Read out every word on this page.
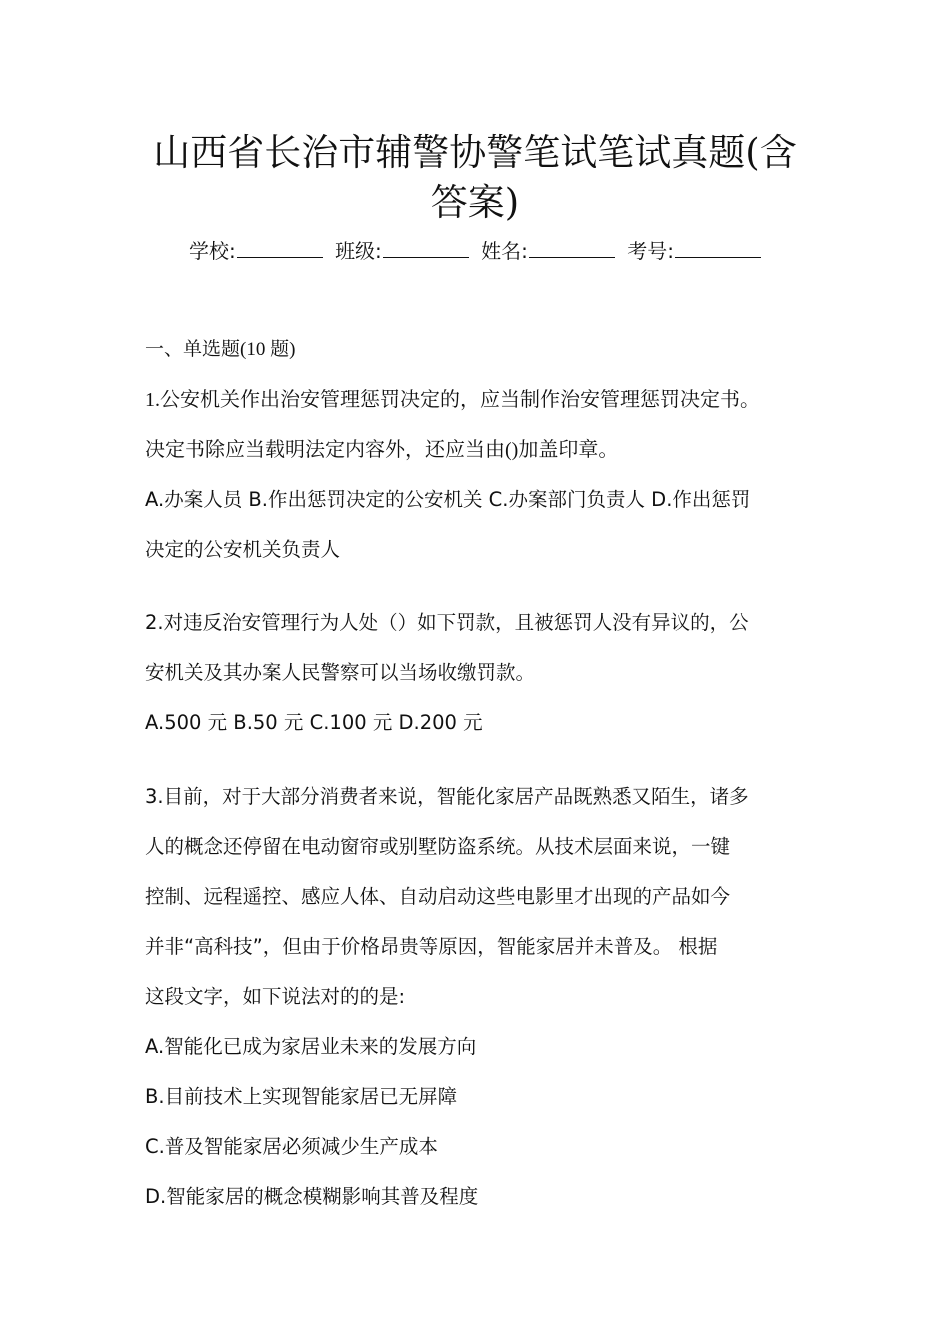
山西省长治市辅警协警笔试笔试真题(含答案)
学校:	班级:	姓名:	考号:
一、单选题(10 题)
1.公安机关作出治安管理惩罚决定的，应当制作治安管理惩罚决定书。
决定书除应当载明法定内容外，还应当由()加盖印章。
A.办案人员 B.作出惩罚决定的公安机关 C.办案部门负责人 D.作出惩罚
决定的公安机关负责人
2.对违反治安管理行为人处（）如下罚款，且被惩罚人没有异议的，公
安机关及其办案人民警察可以当场收缴罚款。
A.500 元 B.50 元 C.100 元 D.200 元
3.目前，对于大部分消费者来说，智能化家居产品既熟悉又陌生，诸多
人的概念还停留在电动窗帘或别墅防盗系统。从技术层面来说，一键
控制、远程遥控、感应人体、自动启动这些电影里才出现的产品如今
并非“高科技”，但由于价格昂贵等原因，智能家居并未普及。 根据
这段文字，如下说法对的的是:
A.智能化已成为家居业未来的发展方向
B.目前技术上实现智能家居已无屏障
C.普及智能家居必须减少生产成本
D.智能家居的概念模糊影响其普及程度
